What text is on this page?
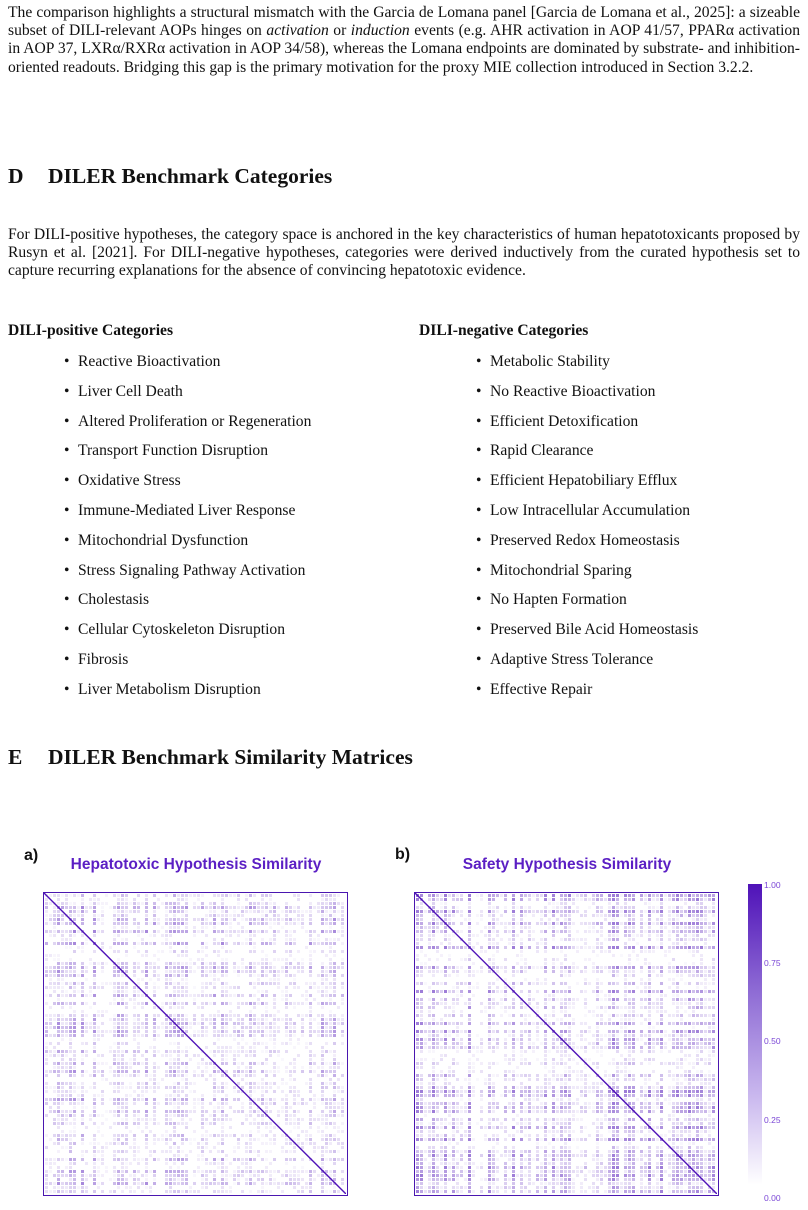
The comparison highlights a structural mismatch with the Garcia de Lomana panel [Garcia de Lomana et al., 2025]: a sizeable subset of DILI-relevant AOPs hinges on activation or induction events (e.g. AHR activation in AOP 41/57, PPARα activation in AOP 37, LXRα/RXRα activation in AOP 34/58), whereas the Lomana endpoints are dominated by substrate- and inhibition-oriented readouts. Bridging this gap is the primary motivation for the proxy MIE collection introduced in Section 3.2.2.

D DILER Benchmark Categories

For DILI-positive hypotheses, the category space is anchored in the key characteristics of human hepatotoxicants proposed by Rusyn et al. [2021]. For DILI-negative hypotheses, categories were derived inductively from the curated hypothesis set to capture recurring explanations for the absence of convincing hepatotoxic evidence.

DILI-positive Categories	DILI-negative Categories
• Reactive Bioactivation
• Liver Cell Death
• Altered Proliferation or Regeneration
• Transport Function Disruption
• Oxidative Stress
• Immune-Mediated Liver Response
• Mitochondrial Dysfunction
• Stress Signaling Pathway Activation
• Cholestasis
• Cellular Cytoskeleton Disruption
• Fibrosis
• Liver Metabolism Disruption
• Metabolic Stability
• No Reactive Bioactivation
• Efficient Detoxification
• Rapid Clearance
• Efficient Hepatobiliary Efflux
• Low Intracellular Accumulation
• Preserved Redox Homeostasis
• Mitochondrial Sparing
• No Hapten Formation
• Preserved Bile Acid Homeostasis
• Adaptive Stress Tolerance
• Effective Repair
E DILER Benchmark Similarity Matrices

a)

Hepatotoxic Hypothesis Similarity

b)

Safety Hypothesis Similarity

1.00
0.75
0.50
0.25
0.00
